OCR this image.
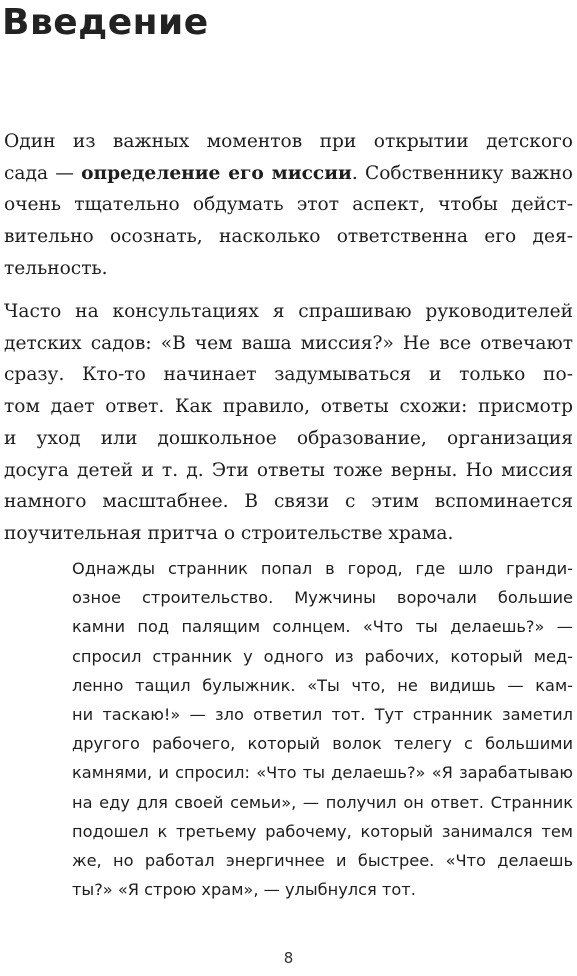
Введение
Один из важных моментов при открытии детского
сада — определение его миссии. Собственнику важно
очень тщательно обдумать этот аспект, чтобы дейст-
вительно осознать, насколько ответственна его дея-
тельность.
Часто на консультациях я спрашиваю руководителей
детских садов: «В чем ваша миссия?» Не все отвечают
сразу. Кто-то начинает задумываться и только по-
том дает ответ. Как правило, ответы схожи: присмотр
и уход или дошкольное образование, организация
досуга детей и т. д. Эти ответы тоже верны. Но миссия
намного масштабнее. В связи с этим вспоминается
поучительная притча о строительстве храма.
Однажды странник попал в город, где шло гранди-
озное строительство. Мужчины ворочали большие
камни под палящим солнцем. «Что ты делаешь?» —
спросил странник у одного из рабочих, который мед-
ленно тащил булыжник. «Ты что, не видишь — кам-
ни таскаю!» — зло ответил тот. Тут странник заметил
другого рабочего, который волок телегу с большими
камнями, и спросил: «Что ты делаешь?» «Я зарабатываю
на еду для своей семьи», — получил он ответ. Странник
подошел к третьему рабочему, который занимался тем
же, но работал энергичнее и быстрее. «Что делаешь
ты?» «Я строю храм», — улыбнулся тот.
8
